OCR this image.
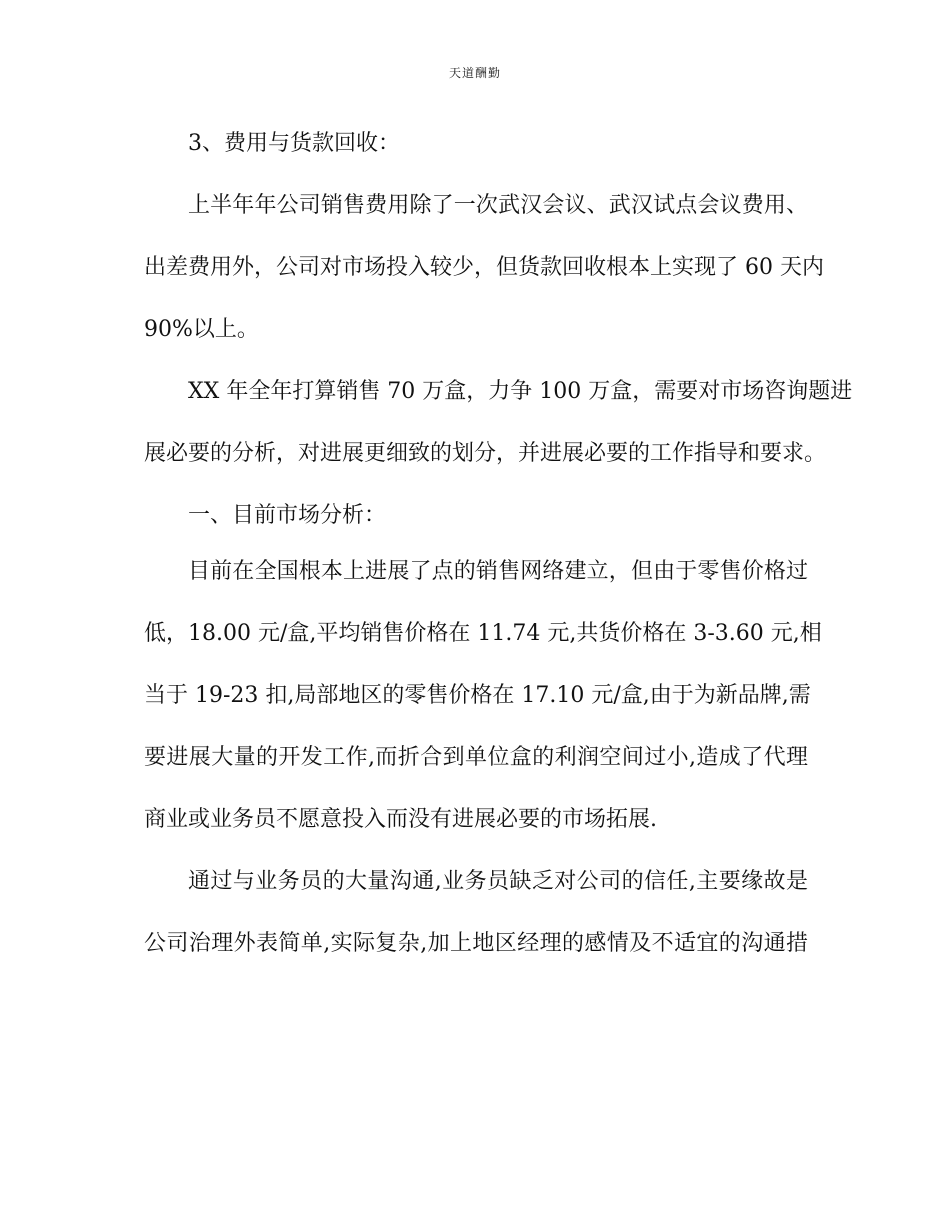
天道酬勤
3、费用与货款回收：
上半年年公司销售费用除了一次武汉会议、武汉试点会议费用、
出差费用外，公司对市场投入较少，但货款回收根本上实现了 60 天内
90%以上。
XX 年全年打算销售 70 万盒，力争 100 万盒，需要对市场咨询题进
展必要的分析，对进展更细致的划分，并进展必要的工作指导和要求。
一、目前市场分析：
目前在全国根本上进展了点的销售网络建立，但由于零售价格过
低，18.00 元/盒,平均销售价格在 11.74 元,共货价格在 3-3.60 元,相
当于 19-23 扣,局部地区的零售价格在 17.10 元/盒,由于为新品牌,需
要进展大量的开发工作,而折合到单位盒的利润空间过小,造成了代理
商业或业务员不愿意投入而没有进展必要的市场拓展.
通过与业务员的大量沟通,业务员缺乏对公司的信任,主要缘故是
公司治理外表简单,实际复杂,加上地区经理的感情及不适宜的沟通措
